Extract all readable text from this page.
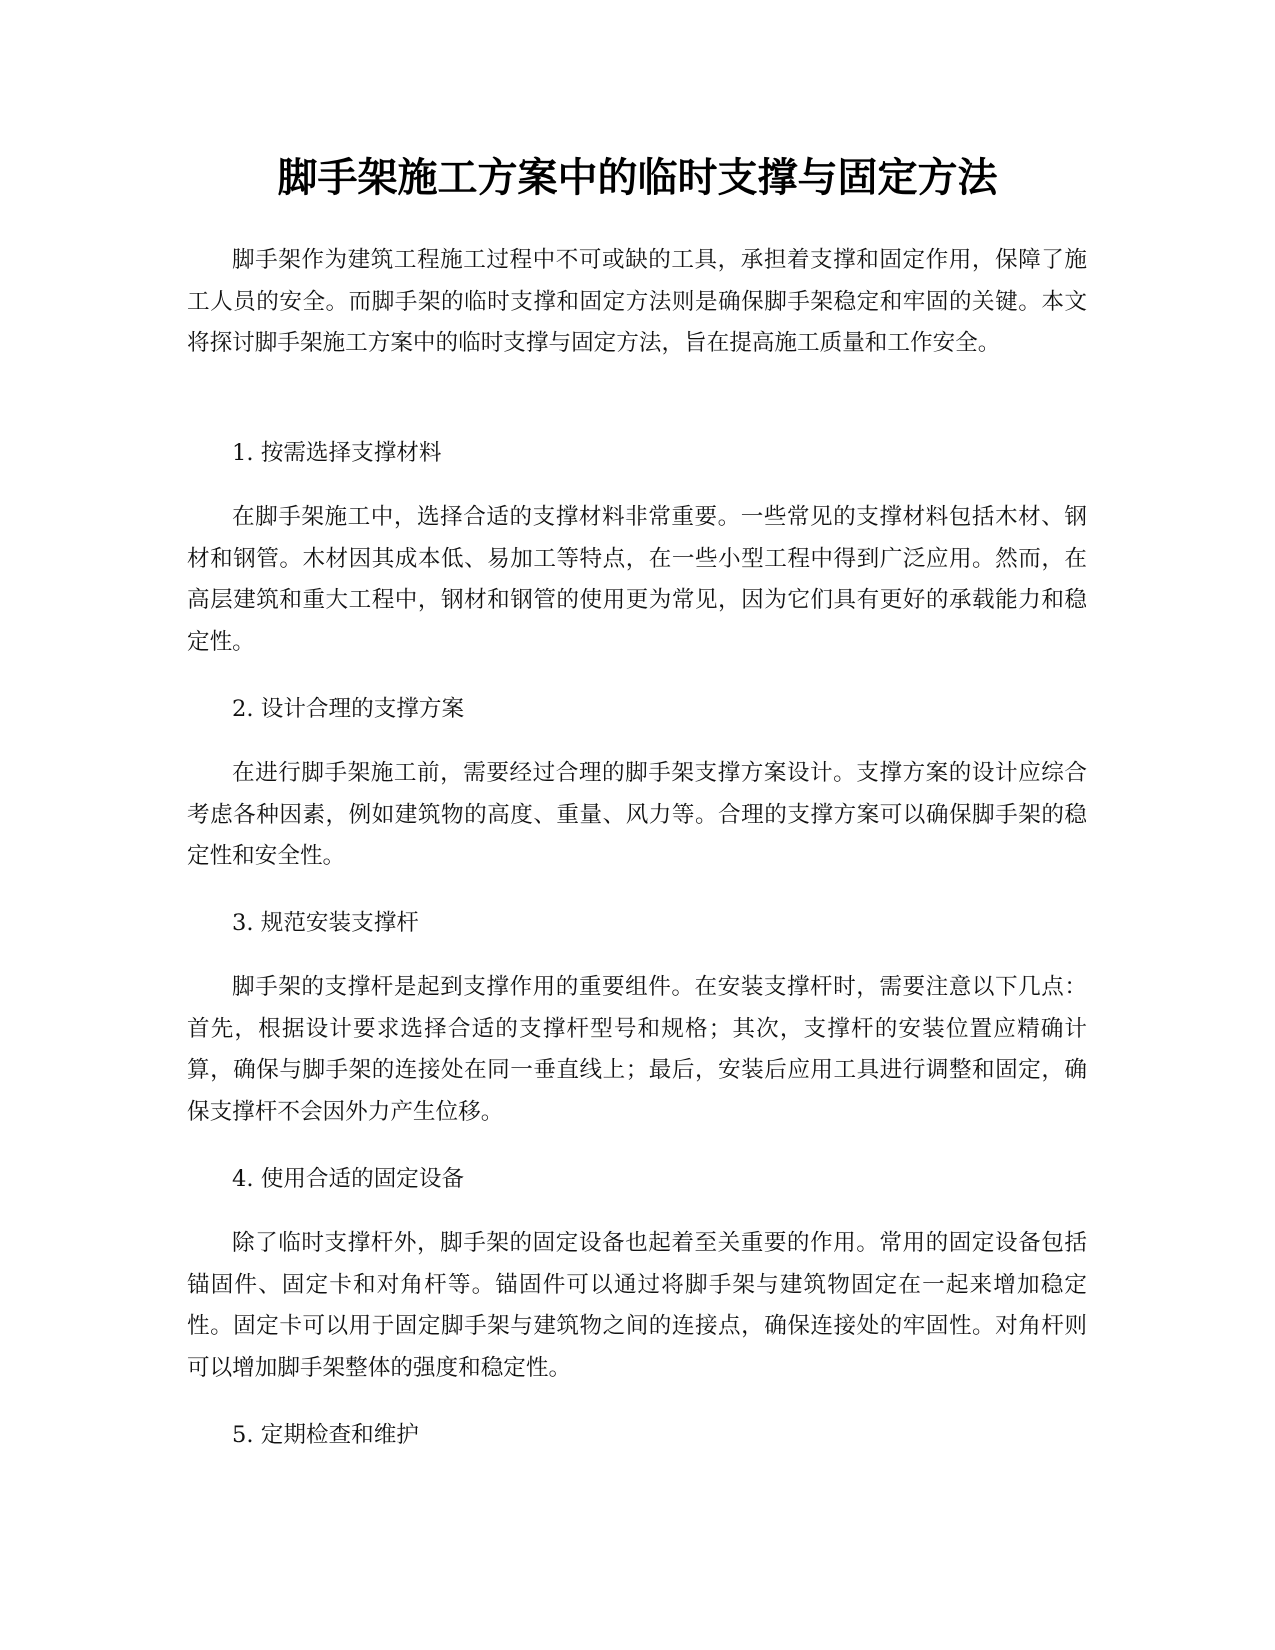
脚手架施工方案中的临时支撑与固定方法

脚手架作为建筑工程施工过程中不可或缺的工具，承担着支撑和固定作用，保障了施工人员的安全。而脚手架的临时支撑和固定方法则是确保脚手架稳定和牢固的关键。本文将探讨脚手架施工方案中的临时支撑与固定方法，旨在提高施工质量和工作安全。

1. 按需选择支撑材料

在脚手架施工中，选择合适的支撑材料非常重要。一些常见的支撑材料包括木材、钢材和钢管。木材因其成本低、易加工等特点，在一些小型工程中得到广泛应用。然而，在高层建筑和重大工程中，钢材和钢管的使用更为常见，因为它们具有更好的承载能力和稳定性。

2. 设计合理的支撑方案

在进行脚手架施工前，需要经过合理的脚手架支撑方案设计。支撑方案的设计应综合考虑各种因素，例如建筑物的高度、重量、风力等。合理的支撑方案可以确保脚手架的稳定性和安全性。

3. 规范安装支撑杆

脚手架的支撑杆是起到支撑作用的重要组件。在安装支撑杆时，需要注意以下几点：首先，根据设计要求选择合适的支撑杆型号和规格；其次，支撑杆的安装位置应精确计算，确保与脚手架的连接处在同一垂直线上；最后，安装后应用工具进行调整和固定，确保支撑杆不会因外力产生位移。

4. 使用合适的固定设备

除了临时支撑杆外，脚手架的固定设备也起着至关重要的作用。常用的固定设备包括锚固件、固定卡和对角杆等。锚固件可以通过将脚手架与建筑物固定在一起来增加稳定性。固定卡可以用于固定脚手架与建筑物之间的连接点，确保连接处的牢固性。对角杆则可以增加脚手架整体的强度和稳定性。

5. 定期检查和维护
